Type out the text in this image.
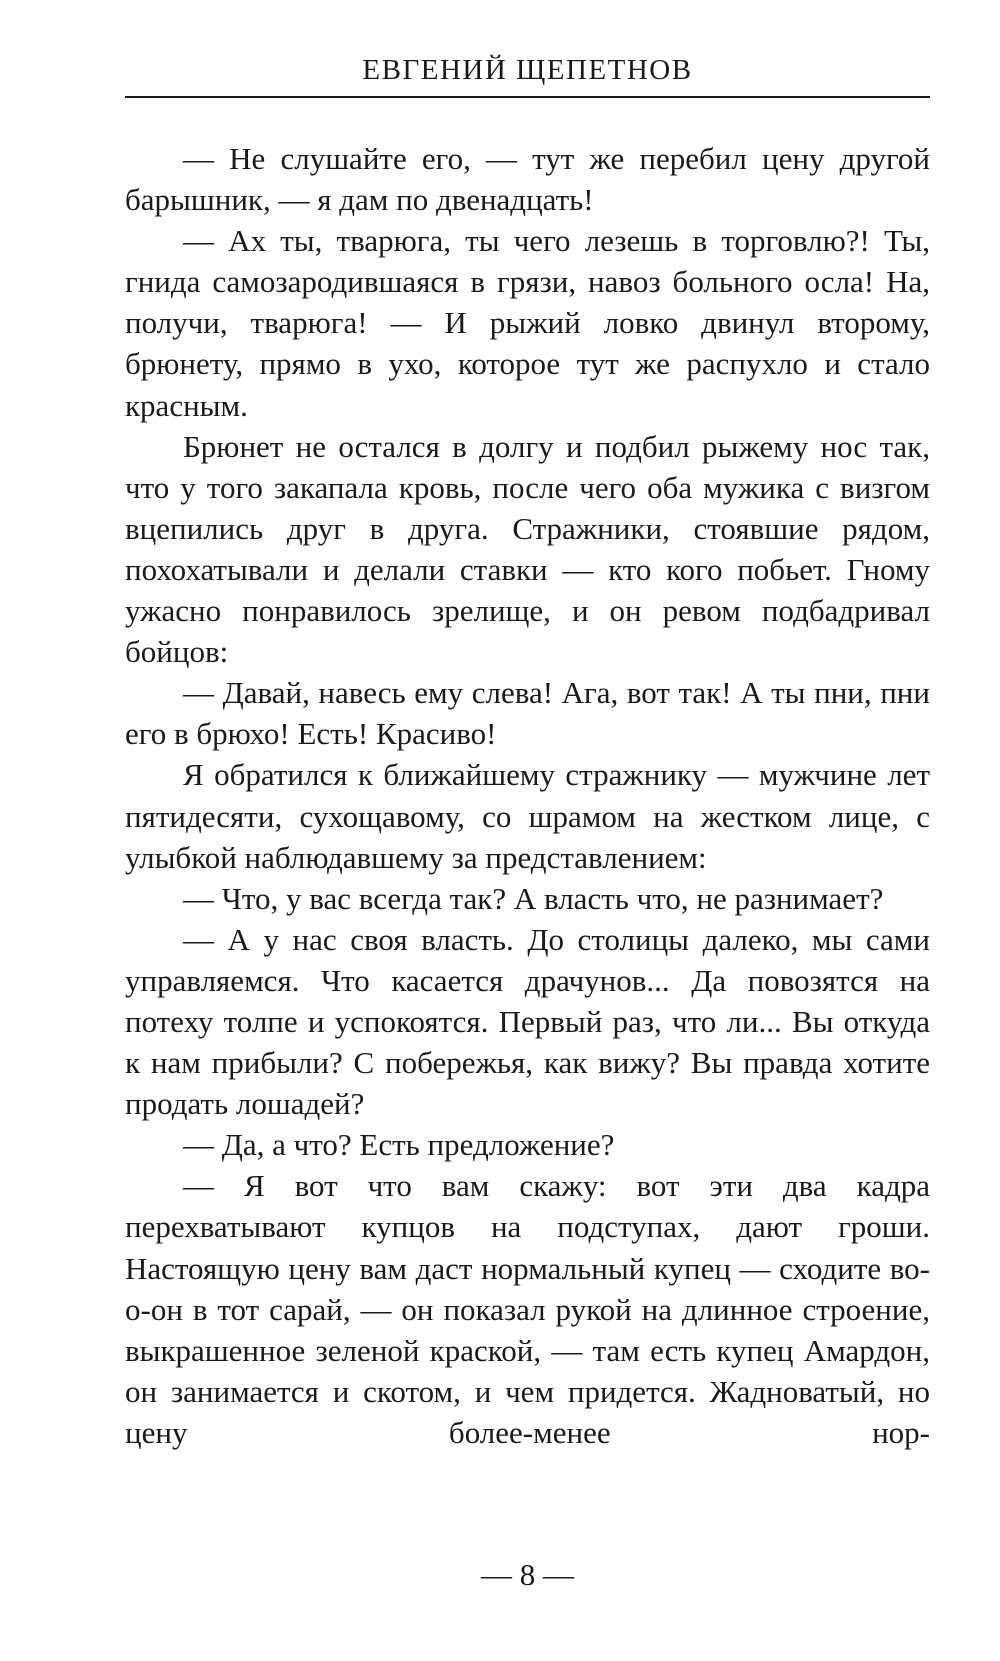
ЕВГЕНИЙ ЩЕПЕТНОВ

— Не слушайте его, — тут же перебил цену другой барышник, — я дам по двенадцать!

— Ах ты, тварюга, ты чего лезешь в торговлю?! Ты, гнида самозародившаяся в грязи, навоз больного осла! На, получи, тварюга! — И рыжий ловко двинул второму, брюнету, прямо в ухо, которое тут же распухло и стало красным.

Брюнет не остался в долгу и подбил рыжему нос так, что у того закапала кровь, после чего оба мужика с визгом вцепились друг в друга. Стражники, стоявшие рядом, похохатывали и делали ставки — кто кого побьет. Гному ужасно понравилось зрелище, и он ревом подбадривал бойцов:

— Давай, навесь ему слева! Ага, вот так! А ты пни, пни его в брюхо! Есть! Красиво!

Я обратился к ближайшему стражнику — мужчине лет пятидесяти, сухощавому, со шрамом на жестком лице, с улыбкой наблюдавшему за представлением:

— Что, у вас всегда так? А власть что, не разнимает?

— А у нас своя власть. До столицы далеко, мы сами управляемся. Что касается драчунов... Да повозятся на потеху толпе и успокоятся. Первый раз, что ли... Вы откуда к нам прибыли? С побережья, как вижу? Вы правда хотите продать лошадей?

— Да, а что? Есть предложение?

— Я вот что вам скажу: вот эти два кадра перехватывают купцов на подступах, дают гроши. Настоящую цену вам даст нормальный купец — сходите во-о-он в тот сарай, — он показал рукой на длинное строение, выкрашенное зеленой краской, — там есть купец Амардон, он занимается и скотом, и чем придется. Жадноватый, но цену более-менее нор-

— 8 —
